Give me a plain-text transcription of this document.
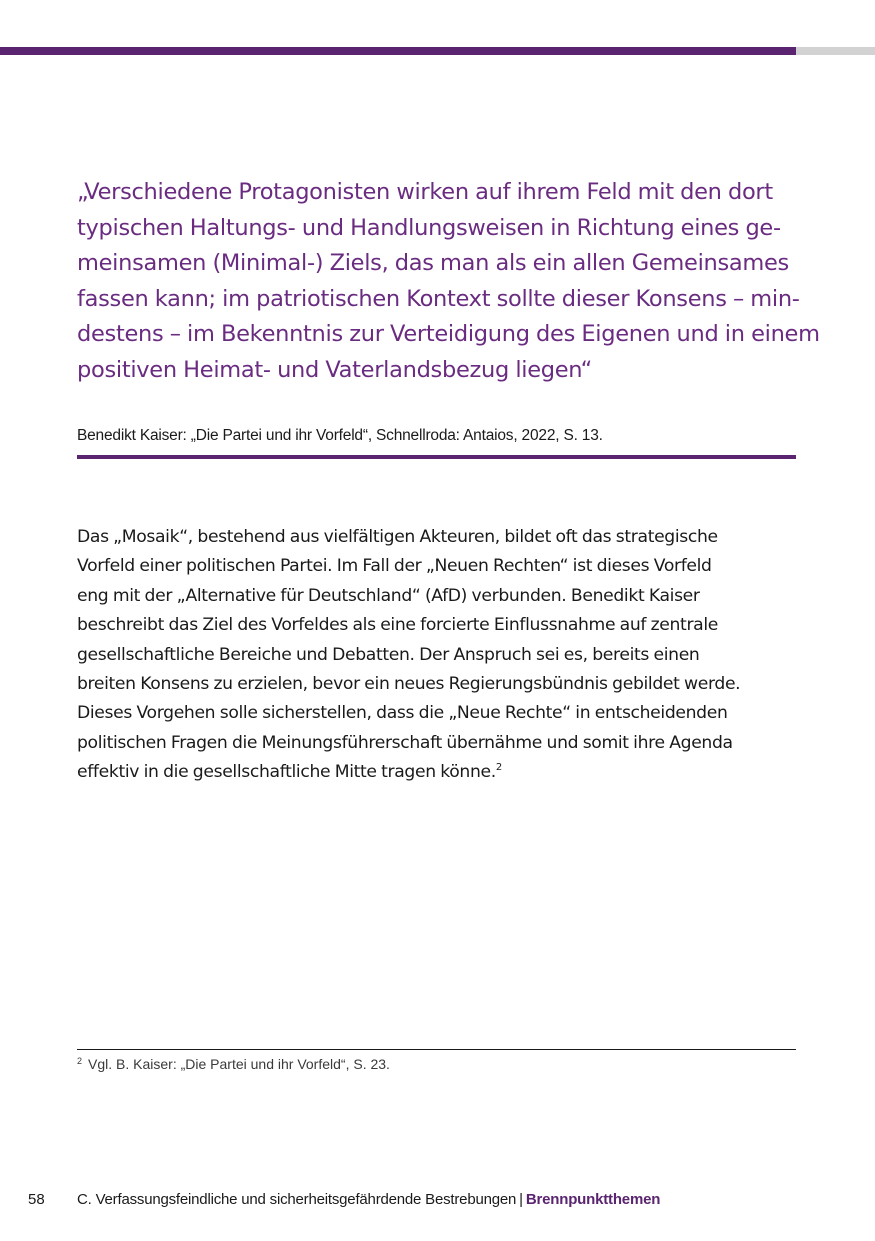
„Verschiedene Protagonisten wirken auf ihrem Feld mit den dort
typischen Haltungs- und Handlungsweisen in Richtung eines ge-
meinsamen (Minimal-) Ziels, das man als ein allen Gemeinsames
fassen kann; im patriotischen Kontext sollte dieser Konsens – min-
destens – im Bekenntnis zur Verteidigung des Eigenen und in einem
positiven Heimat- und Vaterlandsbezug liegen“
Benedikt Kaiser: „Die Partei und ihr Vorfeld“, Schnellroda: Antaios, 2022, S. 13.
Das „Mosaik“, bestehend aus vielfältigen Akteuren, bildet oft das strategische
Vorfeld einer politischen Partei. Im Fall der „Neuen Rechten“ ist dieses Vorfeld
eng mit der „Alternative für Deutschland“ (AfD) verbunden. Benedikt Kaiser
beschreibt das Ziel des Vorfeldes als eine forcierte Einflussnahme auf zentrale
gesellschaftliche Bereiche und Debatten. Der Anspruch sei es, bereits einen
breiten Konsens zu erzielen, bevor ein neues Regierungsbündnis gebildet werde.
Dieses Vorgehen solle sicherstellen, dass die „Neue Rechte“ in entscheidenden
politischen Fragen die Meinungsführerschaft übernähme und somit ihre Agenda
effektiv in die gesellschaftliche Mitte tragen könne.$^2$
$^2$ Vgl. B. Kaiser: „Die Partei und ihr Vorfeld“, S. 23.
58 C. Verfassungsfeindliche und sicherheitsgefährdende Bestrebungen | Brennpunktthemen
